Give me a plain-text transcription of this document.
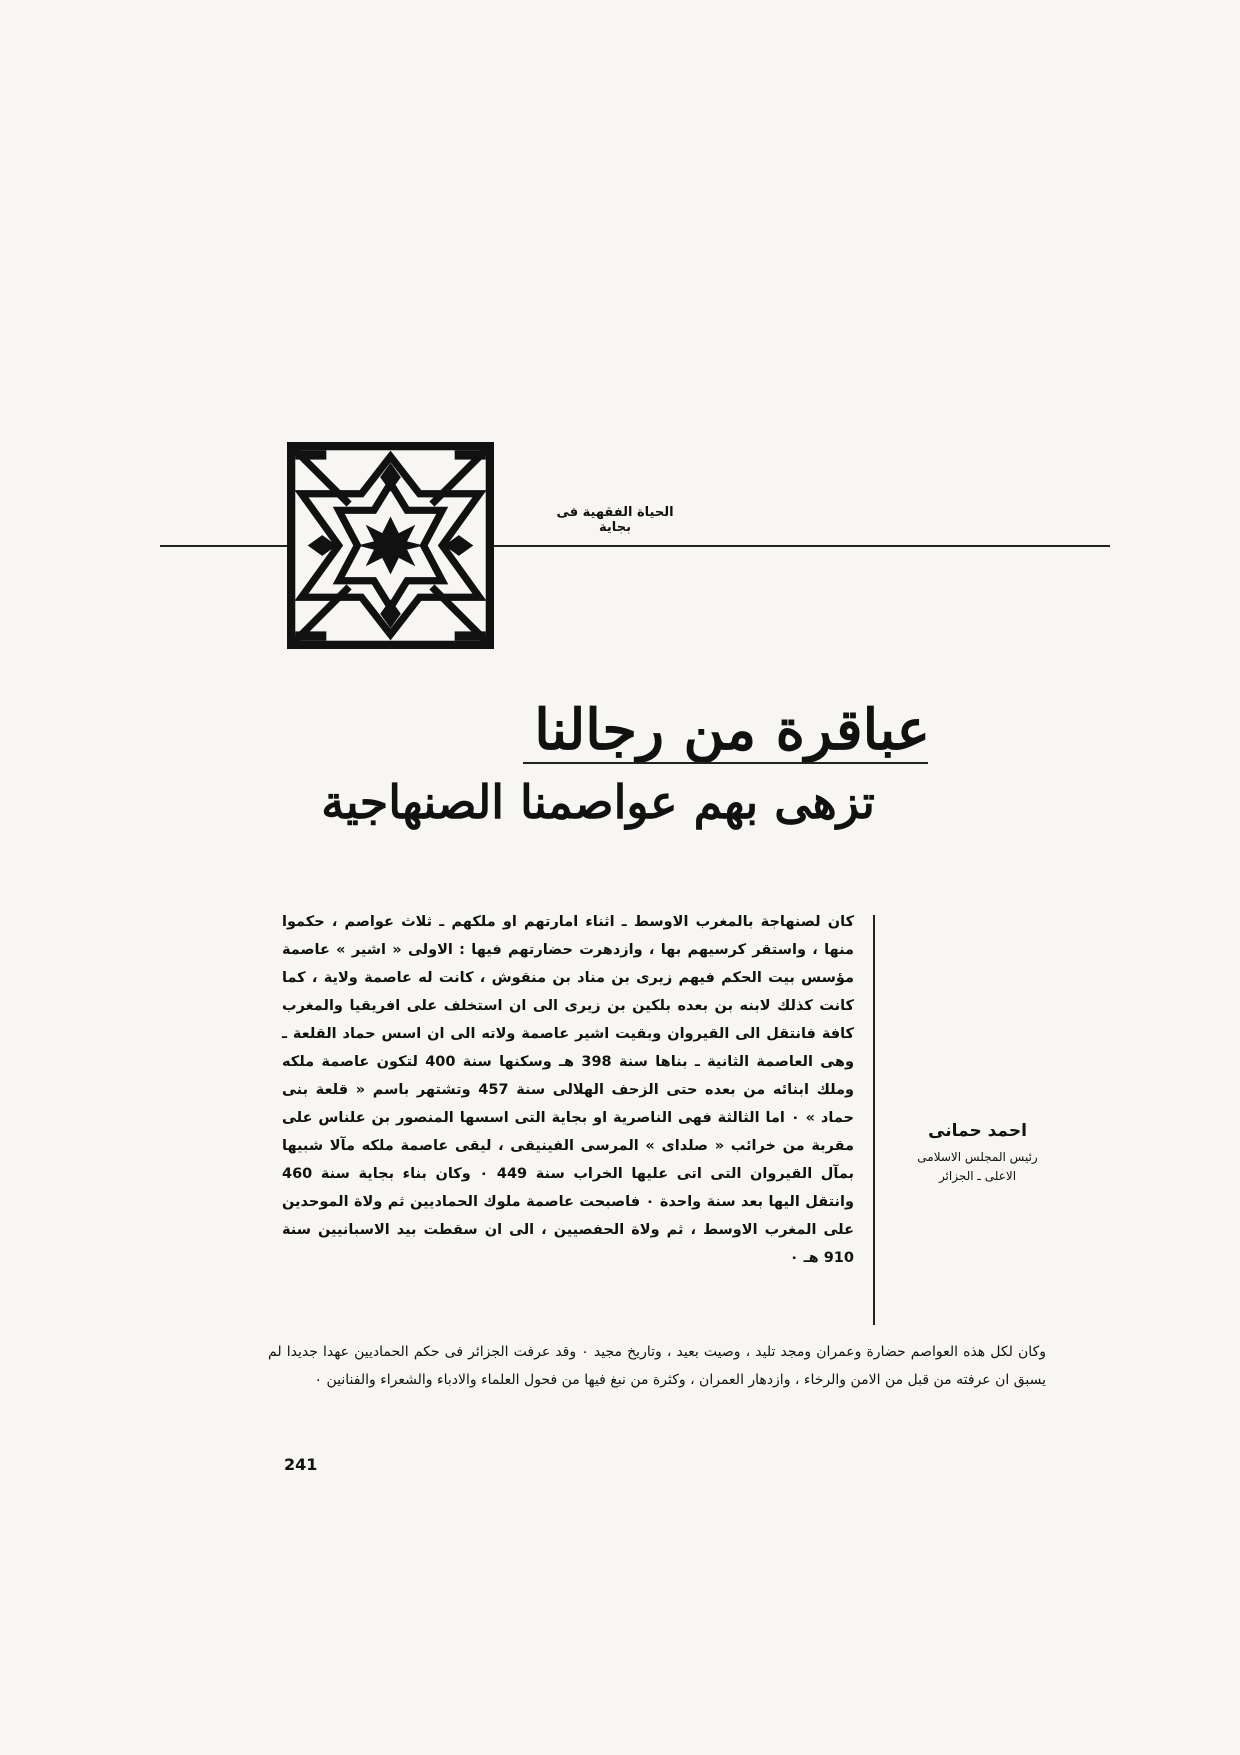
الحياة الفقهية فى بجاية
عباقرة من رجالنا
تزهى بهم عواصمنا الصنهاجية
احمد حمانى
رئيس المجلس الاسلامى
الاعلى ـ الجزائر

كان لصنهاجة بالمغرب الاوسط ـ اثناء امارتهم او ملكهم ـ ثلاث عواصم ، حكموا منها ، واستقر كرسيهم بها ، وازدهرت حضارتهم فيها : الاولى « اشير » عاصمة مؤسس بيت الحكم فيهم زيرى بن مناد بن منقوش ، كانت له عاصمة ولاية ، كما كانت كذلك لابنه بن بعده بلكين بن زيرى الى ان استخلف على افريقيا والمغرب كافة فانتقل الى القيروان وبقيت اشير عاصمة ولاته الى ان اسس حماد القلعة ـ وهى العاصمة الثانية ـ بناها سنة 398 هـ وسكنها سنة 400 لتكون عاصمة ملكه وملك ابنائه من بعده حتى الزحف الهلالى سنة 457 وتشتهر باسم « قلعة بنى حماد » ٠ اما الثالثة فهى الناصرية او بجاية التى اسسها المنصور بن علناس على مقربة من خرائب « صلداى » المرسى الفينيقى ، ليقى عاصمة ملكه مآلا شبيها بمآل القيروان التى اتى عليها الخراب سنة 449 ٠ وكان بناء بجاية سنة 460 وانتقل اليها بعد سنة واحدة ٠ فاصبحت عاصمة ملوك الحماديين ثم ولاة الموحدين على المغرب الاوسط ، ثم ولاة الحفصيين ، الى ان سقطت بيد الاسبانيين سنة 910 هـ ٠

وكان لكل هذه العواصم حضارة وعمران ومجد تليد ، وصيت بعيد ، وتاريخ مجيد ٠ وقد عرفت الجزائر فى حكم الحماديين عهدا جديدا لم يسبق ان عرفته من قبل من الامن والرخاء ، وازدهار العمران ، وكثرة من نبغ فيها من فحول العلماء والادباء والشعراء والفنانين ٠

241
